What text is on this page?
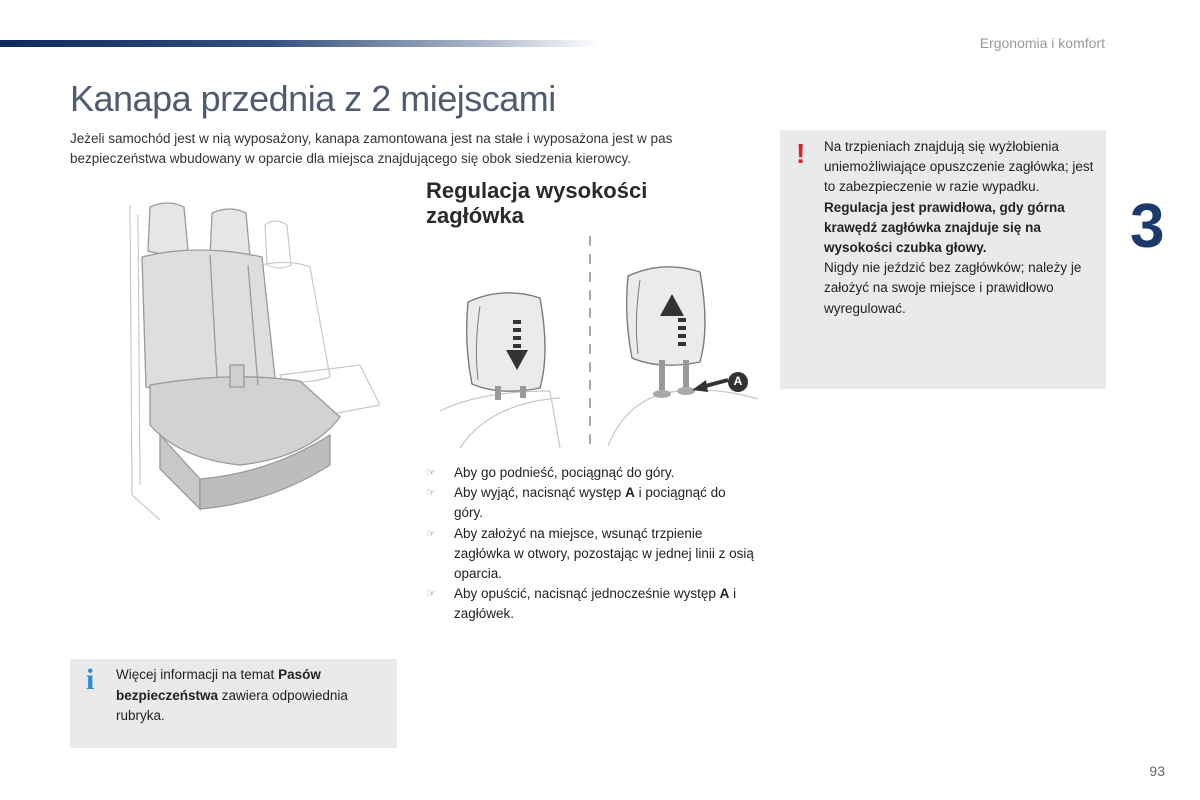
Ergonomia i komfort
Kanapa przednia z 2 miejscami

Jeżeli samochód jest w nią wyposażony, kanapa zamontowana jest na stałe i wyposażona jest w pas bezpieczeństwa wbudowany w oparcie dla miejsca znajdującego się obok siedzenia kierowcy.

3
Regulacja wysokości zagłówka
A
! Na trzpieniach znajdują się wyżłobienia uniemożliwiające opuszczenie zagłówka; jest to zabezpieczenie w razie wypadku.

Regulacja jest prawidłowa, gdy górna krawędź zagłówka znajduje się na wysokości czubka głowy.

Nigdy nie jeździć bez zagłówków; należy je założyć na swoje miejsce i prawidłowo wyregulować.

☞ Aby go podnieść, pociągnąć do góry.
☞ Aby wyjąć, nacisnąć występ A i pociągnąć do góry.
☞ Aby założyć na miejsce, wsunąć trzpienie zagłówka w otwory, pozostając w jednej linii z osią oparcia.
☞ Aby opuścić, nacisnąć jednocześnie występ A i zagłówek.
i Więcej informacji na temat Pasów bezpieczeństwa zawiera odpowiednia rubryka.
93
